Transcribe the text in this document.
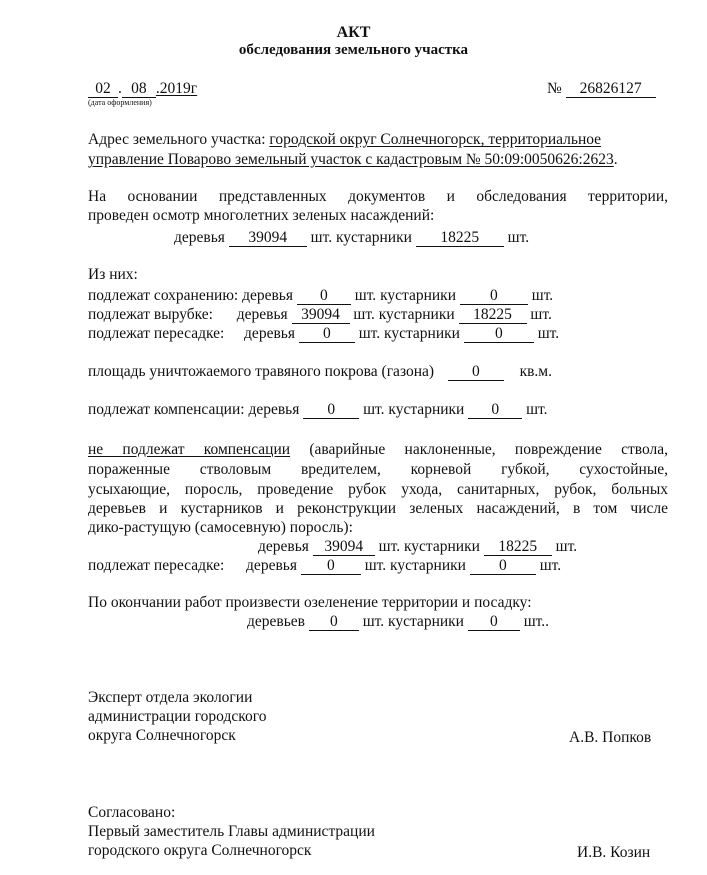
АКТ
обследования земельного участка
02 . 08 .2019г
(дата оформления)
№ 26826127
Адрес земельного участка: городской округ Солнечногорск, территориальное
управление Поварово земельный участок с кадастровым № 50:09:0050626:2623.
На основании представленных документов и обследования территории,
проведен осмотр многолетних зеленых насаждений:
деревья 39094 шт. кустарники 18225 шт.
Из них:
подлежат сохранению: деревья 0 шт. кустарники 0 шт.
подлежат вырубке: деревья 39094 шт. кустарники 18225 шт.
подлежат пересадке: деревья 0 шт. кустарники 0 шт.
площадь уничтожаемого травяного покрова (газона) 0	кв.м.
подлежат компенсации: деревья 0 шт. кустарники 0 шт.
не подлежат компенсации (аварийные наклоненные, повреждение ствола,
пораженные стволовым вредителем, корневой губкой, сухостойные,
усыхающие, поросль, проведение рубок ухода, санитарных, рубок, больных
деревьев и кустарников и реконструкции зеленых насаждений, в том числе
дико-растущую (самосевную) поросль):
деревья 39094 шт. кустарники 18225 шт.
подлежат пересадке: деревья 0 шт. кустарники 0 шт.
По окончании работ произвести озеленение территории и посадку:
деревьев 0 шт. кустарники 0 шт..
Эксперт отдела экологии
администрации городского
округа Солнечногорск	А.В. Попков
Согласовано:
Первый заместитель Главы администрации
городского округа Солнечногорск	И.В. Козин
